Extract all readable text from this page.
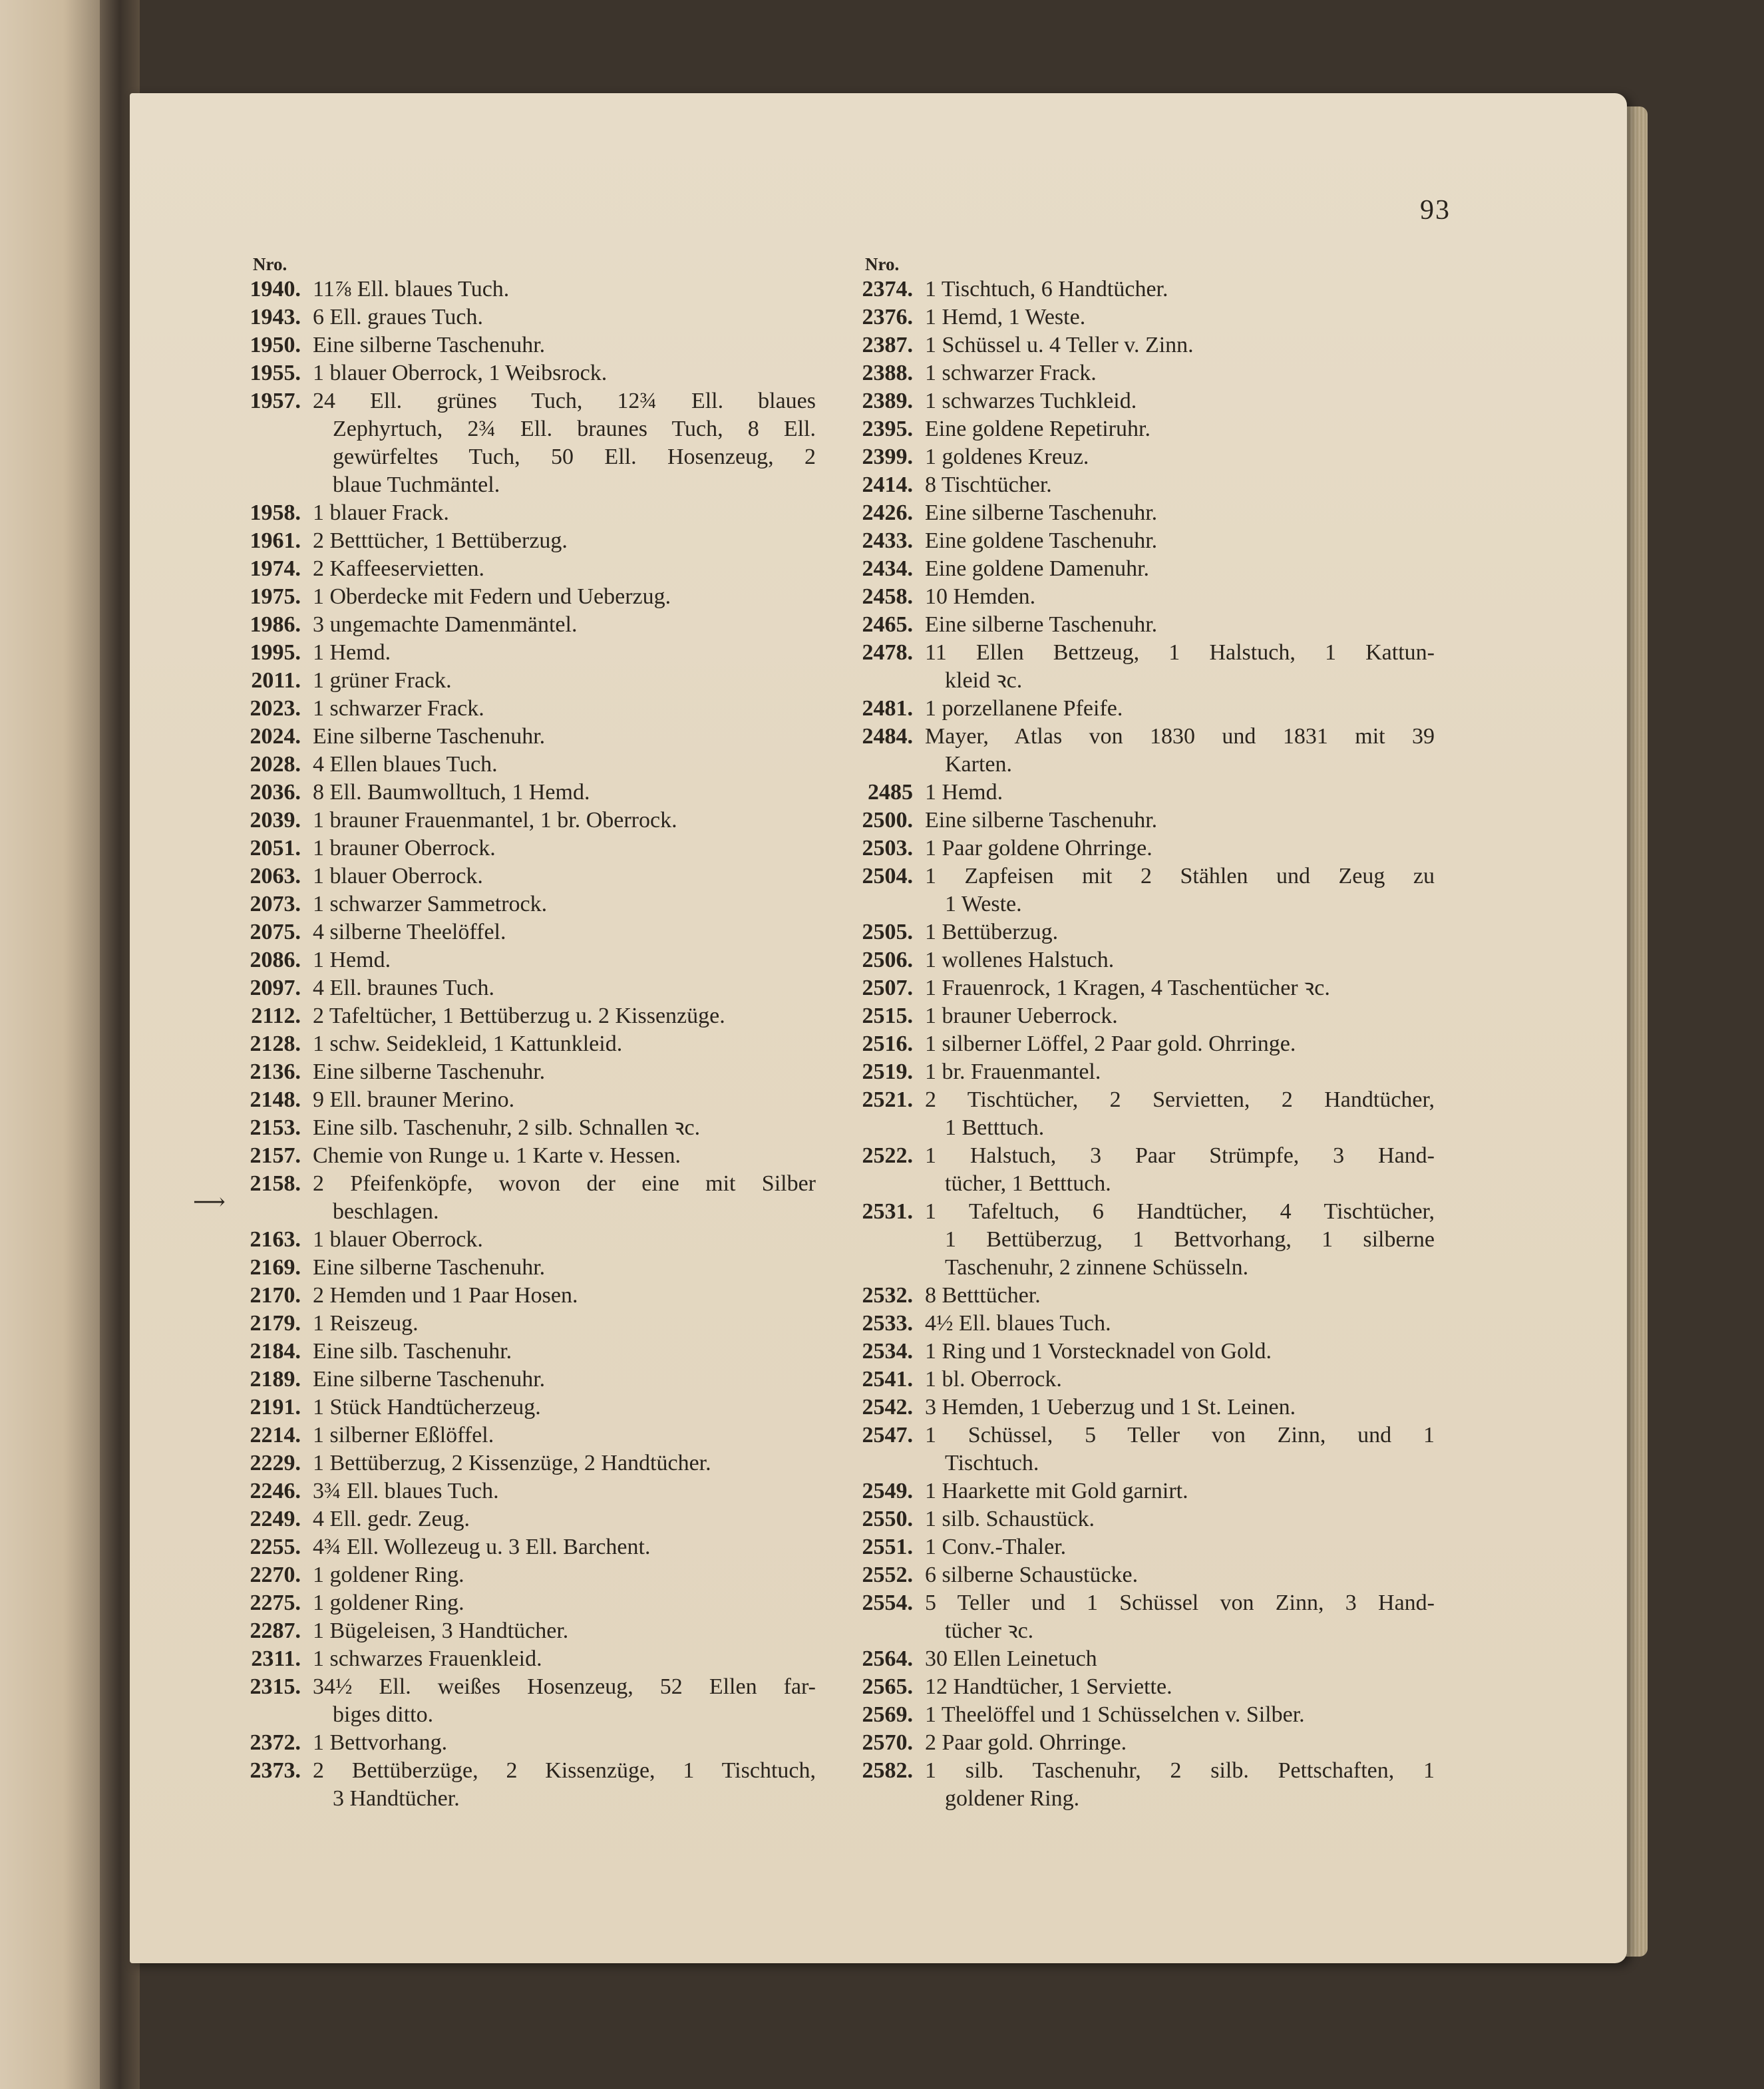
93
Nro.
1940. 11⅞ Ell. blaues Tuch.
1943. 6 Ell. graues Tuch.
1950. Eine silberne Taschenuhr.
1955. 1 blauer Oberrock, 1 Weibsrock.
1957. 24 Ell. grünes Tuch, 12¾ Ell. blaues
Zephyrtuch, 2¾ Ell. braunes Tuch, 8 Ell.
gewürfeltes Tuch, 50 Ell. Hosenzeug, 2
blaue Tuchmäntel.
1958. 1 blauer Frack.
1961. 2 Betttücher, 1 Bettüberzug.
1974. 2 Kaffeeservietten.
1975. 1 Oberdecke mit Federn und Ueberzug.
1986. 3 ungemachte Damenmäntel.
1995. 1 Hemd.
2011. 1 grüner Frack.
2023. 1 schwarzer Frack.
2024. Eine silberne Taschenuhr.
2028. 4 Ellen blaues Tuch.
2036. 8 Ell. Baumwolltuch, 1 Hemd.
2039. 1 brauner Frauenmantel, 1 br. Oberrock.
2051. 1 brauner Oberrock.
2063. 1 blauer Oberrock.
2073. 1 schwarzer Sammetrock.
2075. 4 silberne Theelöffel.
2086. 1 Hemd.
2097. 4 Ell. braunes Tuch.
2112. 2 Tafeltücher, 1 Bettüberzug u. 2 Kissenzüge.
2128. 1 schw. Seidekleid, 1 Kattunkleid.
2136. Eine silberne Taschenuhr.
2148. 9 Ell. brauner Merino.
2153. Eine silb. Taschenuhr, 2 silb. Schnallen ꝛc.
2157. Chemie von Runge u. 1 Karte v. Hessen.
2158. 2 Pfeifenköpfe, wovon der eine mit Silber
beschlagen.
2163. 1 blauer Oberrock.
2169. Eine silberne Taschenuhr.
2170. 2 Hemden und 1 Paar Hosen.
2179. 1 Reiszeug.
2184. Eine silb. Taschenuhr.
2189. Eine silberne Taschenuhr.
2191. 1 Stück Handtücherzeug.
2214. 1 silberner Eßlöffel.
2229. 1 Bettüberzug, 2 Kissenzüge, 2 Handtücher.
2246. 3¾ Ell. blaues Tuch.
2249. 4 Ell. gedr. Zeug.
2255. 4¾ Ell. Wollezeug u. 3 Ell. Barchent.
2270. 1 goldener Ring.
2275. 1 goldener Ring.
2287. 1 Bügeleisen, 3 Handtücher.
2311. 1 schwarzes Frauenkleid.
2315. 34½ Ell. weißes Hosenzeug, 52 Ellen far-
biges ditto.
2372. 1 Bettvorhang.
2373. 2 Bettüberzüge, 2 Kissenzüge, 1 Tischtuch,
3 Handtücher.
Nro.
2374. 1 Tischtuch, 6 Handtücher.
2376. 1 Hemd, 1 Weste.
2387. 1 Schüssel u. 4 Teller v. Zinn.
2388. 1 schwarzer Frack.
2389. 1 schwarzes Tuchkleid.
2395. Eine goldene Repetiruhr.
2399. 1 goldenes Kreuz.
2414. 8 Tischtücher.
2426. Eine silberne Taschenuhr.
2433. Eine goldene Taschenuhr.
2434. Eine goldene Damenuhr.
2458. 10 Hemden.
2465. Eine silberne Taschenuhr.
2478. 11 Ellen Bettzeug, 1 Halstuch, 1 Kattun-
kleid ꝛc.
2481. 1 porzellanene Pfeife.
2484. Mayer, Atlas von 1830 und 1831 mit 39
Karten.
2485 1 Hemd.
2500. Eine silberne Taschenuhr.
2503. 1 Paar goldene Ohrringe.
2504. 1 Zapfeisen mit 2 Stählen und Zeug zu
1 Weste.
2505. 1 Bettüberzug.
2506. 1 wollenes Halstuch.
2507. 1 Frauenrock, 1 Kragen, 4 Taschentücher ꝛc.
2515. 1 brauner Ueberrock.
2516. 1 silberner Löffel, 2 Paar gold. Ohrringe.
2519. 1 br. Frauenmantel.
2521. 2 Tischtücher, 2 Servietten, 2 Handtücher,
1 Betttuch.
2522. 1 Halstuch, 3 Paar Strümpfe, 3 Hand-
tücher, 1 Betttuch.
2531. 1 Tafeltuch, 6 Handtücher, 4 Tischtücher,
1 Bettüberzug, 1 Bettvorhang, 1 silberne
Taschenuhr, 2 zinnene Schüsseln.
2532. 8 Betttücher.
2533. 4½ Ell. blaues Tuch.
2534. 1 Ring und 1 Vorstecknadel von Gold.
2541. 1 bl. Oberrock.
2542. 3 Hemden, 1 Ueberzug und 1 St. Leinen.
2547. 1 Schüssel, 5 Teller von Zinn, und 1
Tischtuch.
2549. 1 Haarkette mit Gold garnirt.
2550. 1 silb. Schaustück.
2551. 1 Conv.-Thaler.
2552. 6 silberne Schaustücke.
2554. 5 Teller und 1 Schüssel von Zinn, 3 Hand-
tücher ꝛc.
2564. 30 Ellen Leinetuch
2565. 12 Handtücher, 1 Serviette.
2569. 1 Theelöffel und 1 Schüsselchen v. Silber.
2570. 2 Paar gold. Ohrringe.
2582. 1 silb. Taschenuhr, 2 silb. Pettschaften, 1
goldener Ring.
⟶
